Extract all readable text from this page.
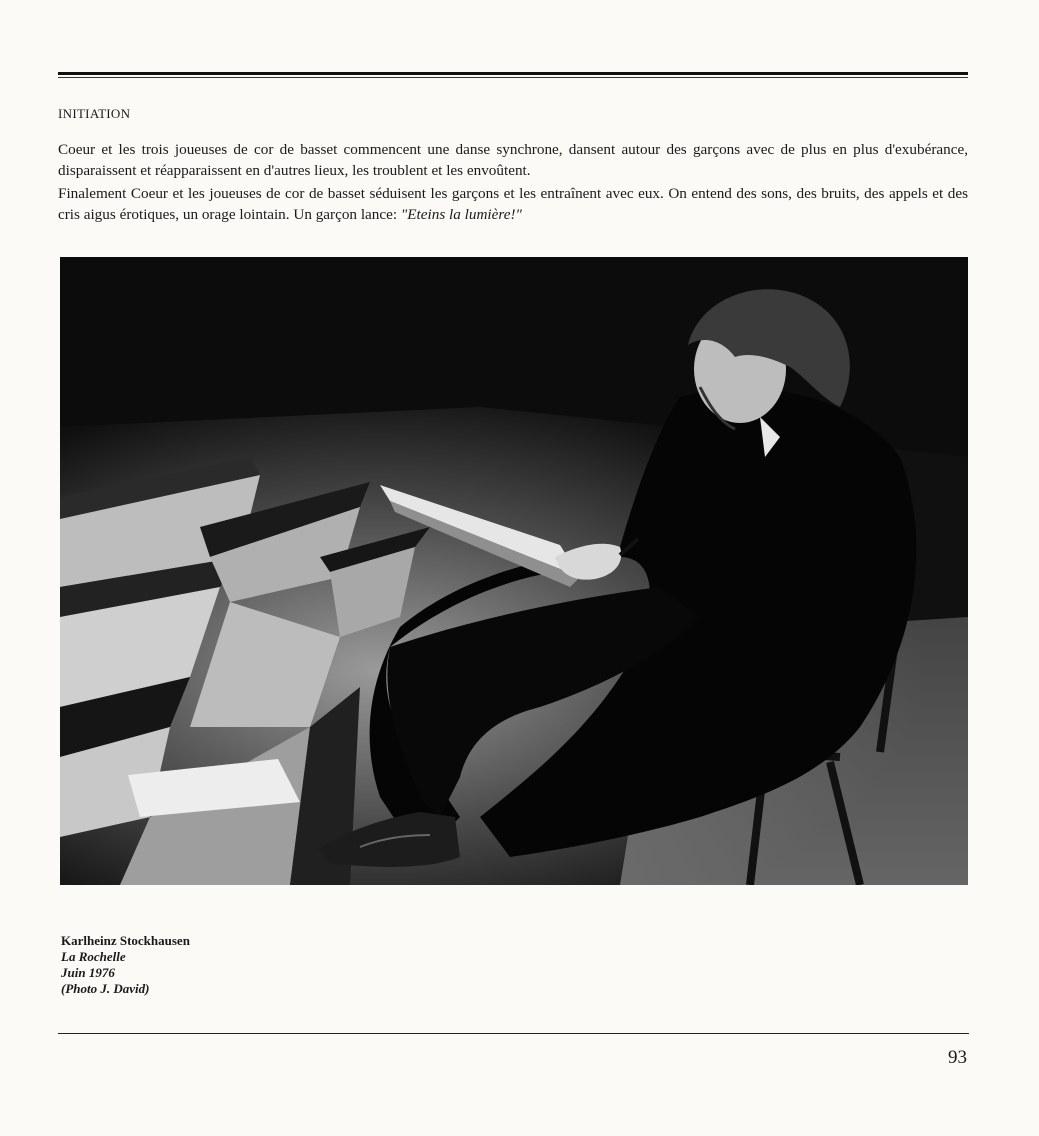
INITIATION

Coeur et les trois joueuses de cor de basset commencent une danse synchrone, dansent autour des garçons avec de plus en plus d'exubérance, disparaissent et réapparaissent en d'autres lieux, les troublent et les envoûtent.

Finalement Coeur et les joueuses de cor de basset séduisent les garçons et les entraînent avec eux. On entend des sons, des bruits, des appels et des cris aigus érotiques, un orage lointain. Un garçon lance: "Eteins la lumière!"

Karlheinz Stockhausen
La Rochelle
Juin 1976
(Photo J. David)
93
